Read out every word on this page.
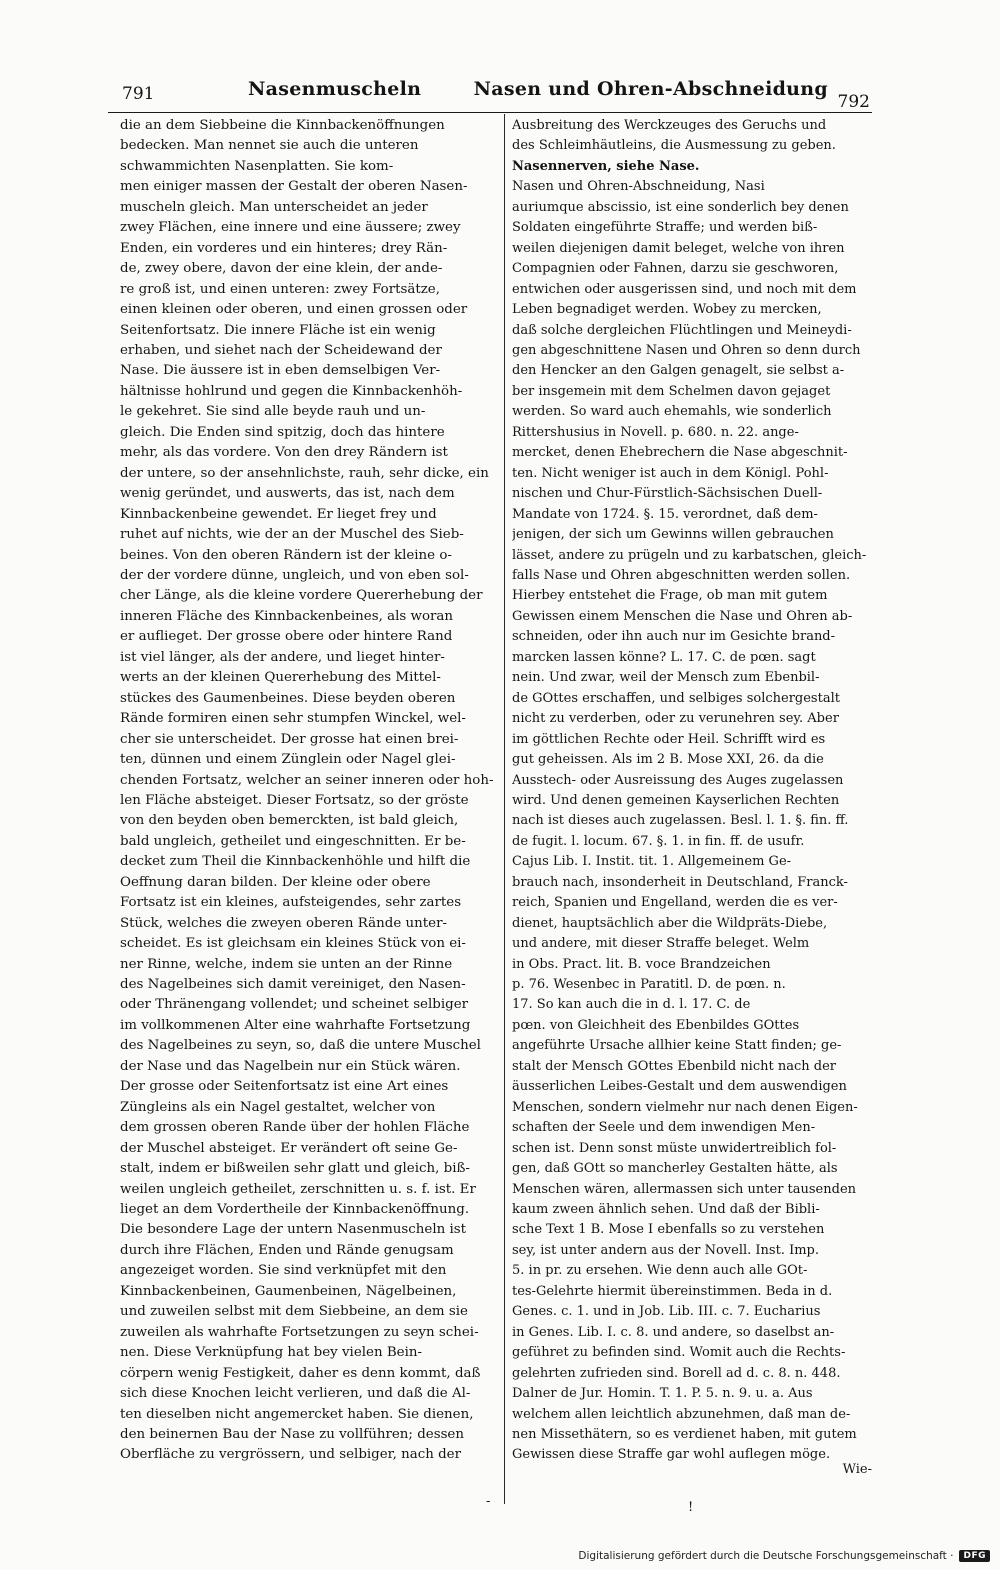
791	Nasenmuscheln	Nasen und Ohren-Abschneidung
792
die an dem Siebbeine die Kinnbackenöffnungen
bedecken. Man nennet sie auch die unteren
schwammichten Nasenplatten. Sie kom-
men einiger massen der Gestalt der oberen Nasen-
muscheln gleich. Man unterscheidet an jeder
zwey Flächen, eine innere und eine äussere; zwey
Enden, ein vorderes und ein hinteres; drey Rän-
de, zwey obere, davon der eine klein, der ande-
re groß ist, und einen unteren: zwey Fortsätze,
einen kleinen oder oberen, und einen grossen oder
Seitenfortsatz. Die innere Fläche ist ein wenig
erhaben, und siehet nach der Scheidewand der
Nase. Die äussere ist in eben demselbigen Ver-
hältnisse hohlrund und gegen die Kinnbackenhöh-
le gekehret. Sie sind alle beyde rauh und un-
gleich. Die Enden sind spitzig, doch das hintere
mehr, als das vordere. Von den drey Rändern ist
der untere, so der ansehnlichste, rauh, sehr dicke, ein
wenig geründet, und auswerts, das ist, nach dem
Kinnbackenbeine gewendet. Er lieget frey und
ruhet auf nichts, wie der an der Muschel des Sieb-
beines. Von den oberen Rändern ist der kleine o-
der der vordere dünne, ungleich, und von eben sol-
cher Länge, als die kleine vordere Quererhebung der
inneren Fläche des Kinnbackenbeines, als woran
er auflieget. Der grosse obere oder hintere Rand
ist viel länger, als der andere, und lieget hinter-
werts an der kleinen Quererhebung des Mittel-
stückes des Gaumenbeines. Diese beyden oberen
Rände formiren einen sehr stumpfen Winckel, wel-
cher sie unterscheidet. Der grosse hat einen brei-
ten, dünnen und einem Zünglein oder Nagel glei-
chenden Fortsatz, welcher an seiner inneren oder hoh-
len Fläche absteiget. Dieser Fortsatz, so der gröste
von den beyden oben bemerckten, ist bald gleich,
bald ungleich, getheilet und eingeschnitten. Er be-
decket zum Theil die Kinnbackenhöhle und hilft die
Oeffnung daran bilden. Der kleine oder obere
Fortsatz ist ein kleines, aufsteigendes, sehr zartes
Stück, welches die zweyen oberen Rände unter-
scheidet. Es ist gleichsam ein kleines Stück von ei-
ner Rinne, welche, indem sie unten an der Rinne
des Nagelbeines sich damit vereiniget, den Nasen-
oder Thränengang vollendet; und scheinet selbiger
im vollkommenen Alter eine wahrhafte Fortsetzung
des Nagelbeines zu seyn, so, daß die untere Muschel
der Nase und das Nagelbein nur ein Stück wären.
Der grosse oder Seitenfortsatz ist eine Art eines
Züngleins als ein Nagel gestaltet, welcher von
dem grossen oberen Rande über der hohlen Fläche
der Muschel absteiget. Er verändert oft seine Ge-
stalt, indem er bißweilen sehr glatt und gleich, biß-
weilen ungleich getheilet, zerschnitten u. s. f. ist. Er
lieget an dem Vordertheile der Kinnbackenöffnung.
Die besondere Lage der untern Nasenmuscheln ist
durch ihre Flächen, Enden und Rände genugsam
angezeiget worden. Sie sind verknüpfet mit den
Kinnbackenbeinen, Gaumenbeinen, Nägelbeinen,
und zuweilen selbst mit dem Siebbeine, an dem sie
zuweilen als wahrhafte Fortsetzungen zu seyn schei-
nen. Diese Verknüpfung hat bey vielen Bein-
cörpern wenig Festigkeit, daher es denn kommt, daß
sich diese Knochen leicht verlieren, und daß die Al-
ten dieselben nicht angemercket haben. Sie dienen,
den beinernen Bau der Nase zu vollführen; dessen
Oberfläche zu vergrössern, und selbiger, nach der
Ausbreitung des Werckzeuges des Geruchs und
des Schleimhäutleins, die Ausmessung zu geben.
Nasennerven, siehe Nase.
Nasen und Ohren-Abschneidung, Nasi
auriumque abscissio, ist eine sonderlich bey denen
Soldaten eingeführte Straffe; und werden biß-
weilen diejenigen damit beleget, welche von ihren
Compagnien oder Fahnen, darzu sie geschworen,
entwichen oder ausgerissen sind, und noch mit dem
Leben begnadiget werden. Wobey zu mercken,
daß solche dergleichen Flüchtlingen und Meineydi-
gen abgeschnittene Nasen und Ohren so denn durch
den Hencker an den Galgen genagelt, sie selbst a-
ber insgemein mit dem Schelmen davon gejaget
werden. So ward auch ehemahls, wie sonderlich
Rittershusius in Novell. p. 680. n. 22. ange-
mercket, denen Ehebrechern die Nase abgeschnit-
ten. Nicht weniger ist auch in dem Königl. Pohl-
nischen und Chur-Fürstlich-Sächsischen Duell-
Mandate von 1724. §. 15. verordnet, daß dem-
jenigen, der sich um Gewinns willen gebrauchen
lässet, andere zu prügeln und zu karbatschen, gleich-
falls Nase und Ohren abgeschnitten werden sollen.
Hierbey entstehet die Frage, ob man mit gutem
Gewissen einem Menschen die Nase und Ohren ab-
schneiden, oder ihn auch nur im Gesichte brand-
marcken lassen könne? L. 17. C. de pœn. sagt
nein. Und zwar, weil der Mensch zum Ebenbil-
de GOttes erschaffen, und selbiges solchergestalt
nicht zu verderben, oder zu verunehren sey. Aber
im göttlichen Rechte oder Heil. Schrifft wird es
gut geheissen. Als im 2 B. Mose XXI, 26. da die
Ausstech- oder Ausreissung des Auges zugelassen
wird. Und denen gemeinen Kayserlichen Rechten
nach ist dieses auch zugelassen. Besl. l. 1. §. fin. ff.
de fugit. l. locum. 67. §. 1. in fin. ff. de usufr.
Cajus Lib. I. Instit. tit. 1. Allgemeinem Ge-
brauch nach, insonderheit in Deutschland, Franck-
reich, Spanien und Engelland, werden die es ver-
dienet, hauptsächlich aber die Wildpräts-Diebe,
und andere, mit dieser Straffe beleget. Welm
in Obs. Pract. lit. B. voce Brandzeichen
p. 76. Wesenbec in Paratitl. D. de pœn. n.
17. So kan auch die in d. l. 17. C. de
pœn. von Gleichheit des Ebenbildes GOttes
angeführte Ursache allhier keine Statt finden; ge-
stalt der Mensch GOttes Ebenbild nicht nach der
äusserlichen Leibes-Gestalt und dem auswendigen
Menschen, sondern vielmehr nur nach denen Eigen-
schaften der Seele und dem inwendigen Men-
schen ist. Denn sonst müste unwidertreiblich fol-
gen, daß GOtt so mancherley Gestalten hätte, als
Menschen wären, allermassen sich unter tausenden
kaum zween ähnlich sehen. Und daß der Bibli-
sche Text 1 B. Mose I ebenfalls so zu verstehen
sey, ist unter andern aus der Novell. Inst. Imp.
5. in pr. zu ersehen. Wie denn auch alle GOt-
tes-Gelehrte hiermit übereinstimmen. Beda in d.
Genes. c. 1. und in Job. Lib. III. c. 7. Eucharius
in Genes. Lib. I. c. 8. und andere, so daselbst an-
geführet zu befinden sind. Womit auch die Rechts-
gelehrten zufrieden sind. Borell ad d. c. 8. n. 448.
Dalner de Jur. Homin. T. 1. P. 5. n. 9. u. a. Aus
welchem allen leichtlich abzunehmen, daß man de-
nen Missethätern, so es verdienet haben, mit gutem
Gewissen diese Straffe gar wohl auflegen möge.
Wie-
-	!
Digitalisierung gefördert durch die Deutsche Forschungsgemeinschaft ·	DFG
